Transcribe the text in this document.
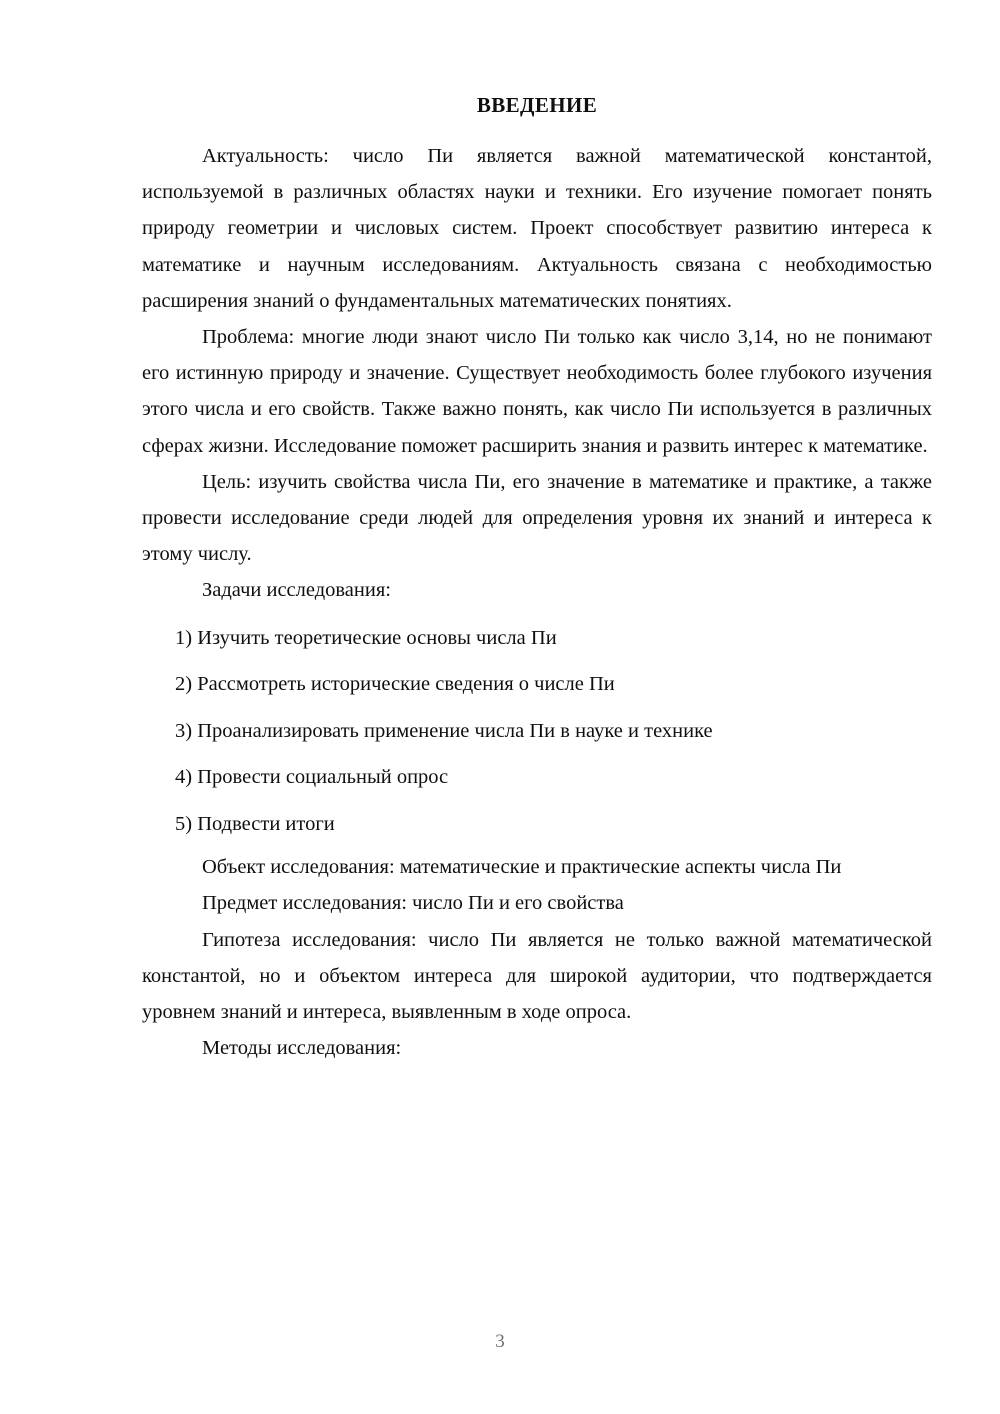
ВВЕДЕНИЕ

Актуальность: число Пи является важной математической константой, используемой в различных областях науки и техники. Его изучение помогает понять природу геометрии и числовых систем. Проект способствует развитию интереса к математике и научным исследованиям. Актуальность связана с необходимостью расширения знаний о фундаментальных математических понятиях.

Проблема: многие люди знают число Пи только как число 3,14, но не понимают его истинную природу и значение. Существует необходимость более глубокого изучения этого числа и его свойств. Также важно понять, как число Пи используется в различных сферах жизни. Исследование поможет расширить знания и развить интерес к математике.

Цель: изучить свойства числа Пи, его значение в математике и практике, а также провести исследование среди людей для определения уровня их знаний и интереса к этому числу.

Задачи исследования:

1) Изучить теоретические основы числа Пи
2) Рассмотреть исторические сведения о числе Пи
3) Проанализировать применение числа Пи в науке и технике
4) Провести социальный опрос
5) Подвести итоги

Объект исследования: математические и практические аспекты числа Пи

Предмет исследования: число Пи и его свойства

Гипотеза исследования: число Пи является не только важной математической константой, но и объектом интереса для широкой аудитории, что подтверждается уровнем знаний и интереса, выявленным в ходе опроса.

Методы исследования:

3
